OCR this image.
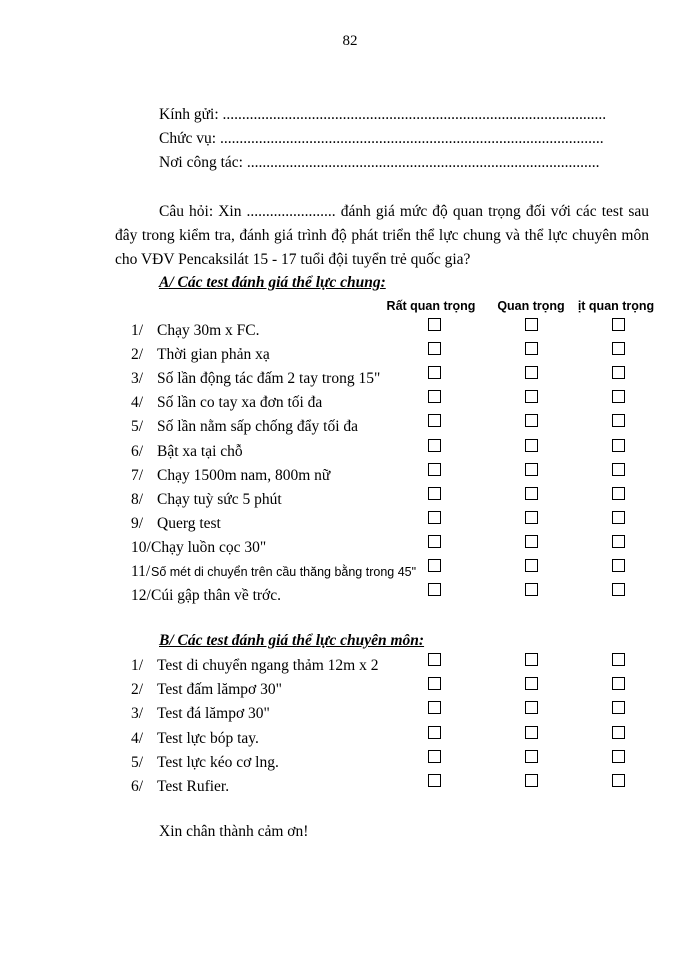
82
Kính gửi: ...................................................................................................
Chức vụ: ...................................................................................................
Nơi công tác: ...........................................................................................
Câu hỏi: Xin ....................... đánh giá mức độ quan trọng đối với các test sau đây trong kiểm tra, đánh giá trình độ phát triển thể lực chung và thể lực chuyên môn cho VĐV Pencaksilát 15 - 17 tuổi đội tuyển trẻ quốc gia?
A/ Các test đánh giá thể lực chung:
Rất quan trọng	Quan trọng	ịt quan trọng
1/ Chạy 30m x FC.
2/ Thời gian phản xạ
3/ Số lần động tác đấm 2 tay trong 15"
4/ Số lần co tay xa đơn tối đa
5/ Số lần nằm sấp chống đẩy tối đa
6/ Bật xa tại chỗ
7/ Chạy 1500m nam, 800m nữ
8/ Chạy tuỳ sức 5 phút
9/ Querg test
10/ Chạy luồn cọc 30"
11/ Số mét di chuyển trên cầu thăng bằng trong 45"
12/ Cúi gập thân về trớc.
B/ Các test đánh giá thể lực chuyên môn:
1/ Test di chuyển ngang thảm 12m x 2
2/ Test đấm lămpơ 30"
3/ Test đá lămpơ 30"
4/ Test lực bóp tay.
5/ Test lực kéo cơ lng.
6/ Test Rufier.
Xin chân thành cảm ơn!
